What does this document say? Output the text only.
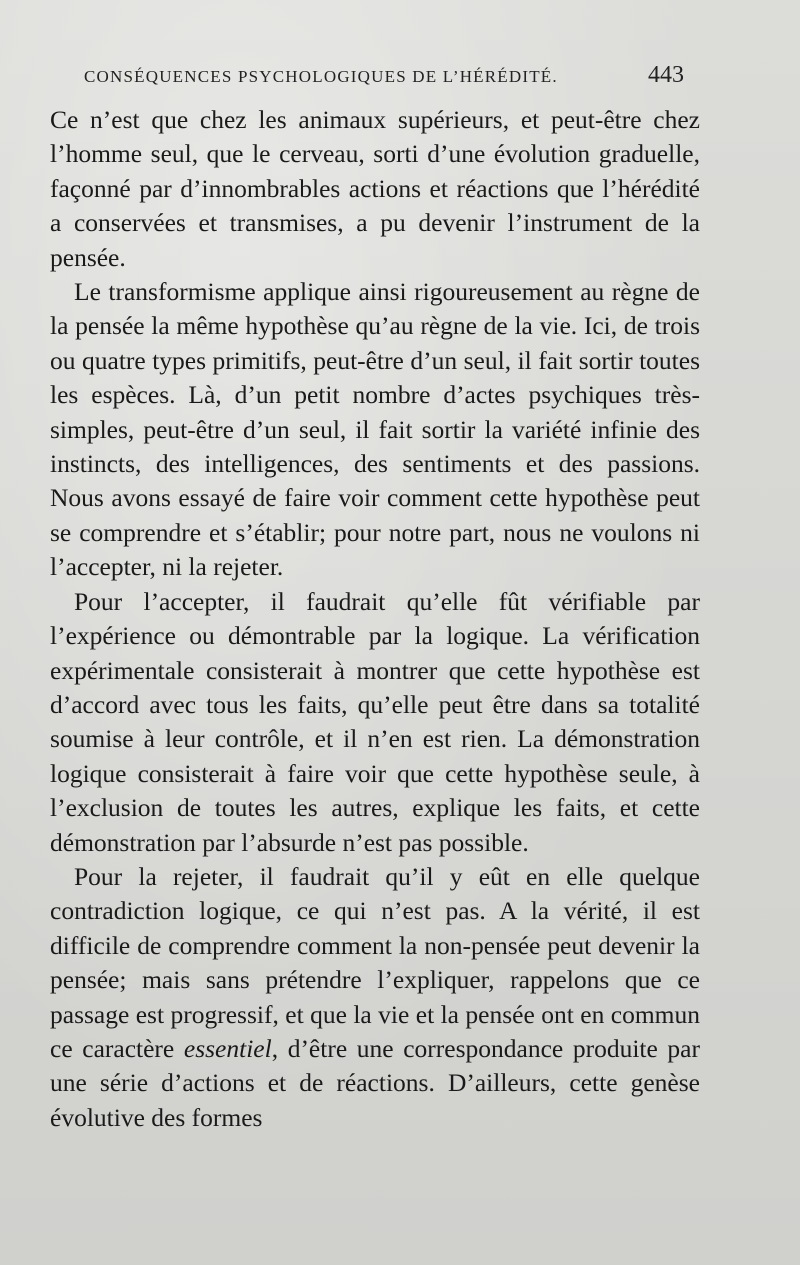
CONSÉQUENCES PSYCHOLOGIQUES DE L’HÉRÉDITÉ.	443

Ce n’est que chez les animaux supérieurs, et peut-être chez l’homme seul, que le cerveau, sorti d’une évolution graduelle, façonné par d’innombrables actions et réactions que l’hérédité a conservées et transmises, a pu devenir l’instrument de la pensée.

Le transformisme applique ainsi rigoureusement au règne de la pensée la même hypothèse qu’au règne de la vie. Ici, de trois ou quatre types primitifs, peut-être d’un seul, il fait sortir toutes les espèces. Là, d’un petit nombre d’actes psychiques très-simples, peut-être d’un seul, il fait sortir la variété infinie des instincts, des intelligences, des sentiments et des passions. Nous avons essayé de faire voir comment cette hypothèse peut se comprendre et s’établir; pour notre part, nous ne voulons ni l’accepter, ni la rejeter.

Pour l’accepter, il faudrait qu’elle fût vérifiable par l’expérience ou démontrable par la logique. La vérification expérimentale consisterait à montrer que cette hypothèse est d’accord avec tous les faits, qu’elle peut être dans sa totalité soumise à leur contrôle, et il n’en est rien. La démonstration logique consisterait à faire voir que cette hypothèse seule, à l’exclusion de toutes les autres, explique les faits, et cette démonstration par l’absurde n’est pas possible.

Pour la rejeter, il faudrait qu’il y eût en elle quelque contradiction logique, ce qui n’est pas. A la vérité, il est difficile de comprendre comment la non-pensée peut devenir la pensée; mais sans prétendre l’expliquer, rappelons que ce passage est progressif, et que la vie et la pensée ont en commun ce caractère essentiel, d’être une correspondance produite par une série d’actions et de réactions. D’ailleurs, cette genèse évolutive des formes
